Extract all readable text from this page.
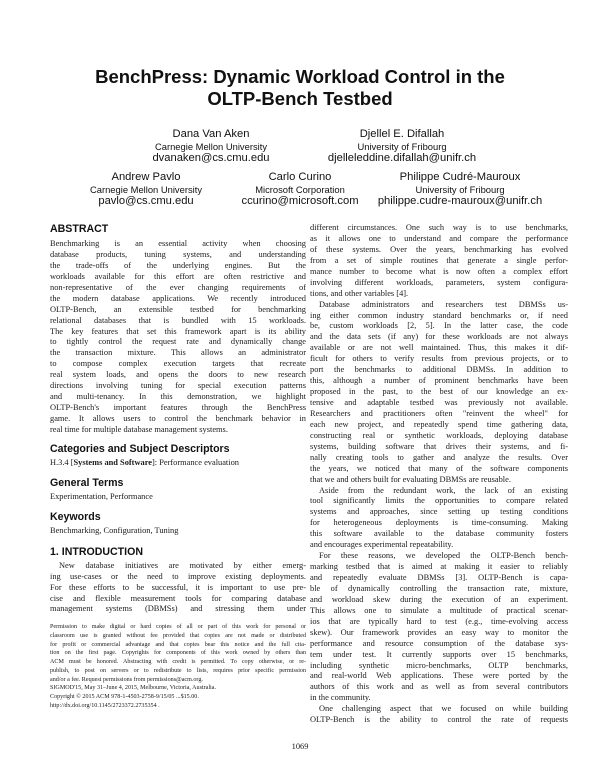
BenchPress: Dynamic Workload Control in the
OLTP-Bench Testbed
Dana Van Aken
Carnegie Mellon University
dvanaken@cs.cmu.edu
Djellel E. Difallah
University of Fribourg
djelleleddine.difallah@unifr.ch
Andrew Pavlo
Carnegie Mellon University
pavlo@cs.cmu.edu
Carlo Curino
Microsoft Corporation
ccurino@microsoft.com
Philippe Cudré-Mauroux
University of Fribourg
philippe.cudre-mauroux@unifr.ch
ABSTRACT
Benchmarking is an essential activity when choosing
database products, tuning systems, and understanding
the trade-offs of the underlying engines. But the
workloads available for this effort are often restrictive and
non-representative of the ever changing requirements of
the modern database applications. We recently introduced
OLTP-Bench, an extensible testbed for benchmarking
relational databases that is bundled with 15 workloads.
The key features that set this framework apart is its ability
to tightly control the request rate and dynamically change
the transaction mixture. This allows an administrator
to compose complex execution targets that recreate
real system loads, and opens the doors to new research
directions involving tuning for special execution patterns
and multi-tenancy. In this demonstration, we highlight
OLTP-Bench's important features through the BenchPress
game. It allows users to control the benchmark behavior in
real time for multiple database management systems.
Categories and Subject Descriptors
H.3.4 [Systems and Software]: Performance evaluation
General Terms
Experimentation, Performance
Keywords
Benchmarking, Configuration, Tuning
1. INTRODUCTION
New database initiatives are motivated by either emerg-
ing use-cases or the need to improve existing deployments.
For these efforts to be successful, it is important to use pre-
cise and flexible measurement tools for comparing database
management systems (DBMSs) and stressing them under
Permission to make digital or hard copies of all or part of this work for personal or
classroom use is granted without fee provided that copies are not made or distributed
for profit or commercial advantage and that copies bear this notice and the full cita-
tion on the first page. Copyrights for components of this work owned by others than
ACM must be honored. Abstracting with credit is permitted. To copy otherwise, or re-
publish, to post on servers or to redistribute to lists, requires prior specific permission
and/or a fee. Request permissions from permissions@acm.org.
SIGMOD'15, May 31–June 4, 2015, Melbourne, Victoria, Australia.
Copyright © 2015 ACM 978-1-4503-2758-9/15/05 ...$15.00.
http://dx.doi.org/10.1145/2723372.2735354 .
different circumstances. One such way is to use benchmarks,
as it allows one to understand and compare the performance
of these systems. Over the years, benchmarking has evolved
from a set of simple routines that generate a single perfor-
mance number to become what is now often a complex effort
involving different workloads, parameters, system configura-
tions, and other variables [4].
Database administrators and researchers test DBMSs us-
ing either common industry standard benchmarks or, if need
be, custom workloads [2, 5]. In the latter case, the code
and the data sets (if any) for these workloads are not always
available or are not well maintained. Thus, this makes it dif-
ficult for others to verify results from previous projects, or to
port the benchmarks to additional DBMSs. In addition to
this, although a number of prominent benchmarks have been
proposed in the past, to the best of our knowledge an ex-
tensive and adaptable testbed was previously not available.
Researchers and practitioners often "reinvent the wheel" for
each new project, and repeatedly spend time gathering data,
constructing real or synthetic workloads, deploying database
systems, building software that drives their systems, and fi-
nally creating tools to gather and analyze the results. Over
the years, we noticed that many of the software components
that we and others built for evaluating DBMSs are reusable.
Aside from the redundant work, the lack of an existing
tool significantly limits the opportunities to compare related
systems and approaches, since setting up testing conditions
for heterogeneous deployments is time-consuming. Making
this software available to the database community fosters
and encourages experimental repeatability.
For these reasons, we developed the OLTP-Bench bench-
marking testbed that is aimed at making it easier to reliably
and repeatedly evaluate DBMSs [3]. OLTP-Bench is capa-
ble of dynamically controlling the transaction rate, mixture,
and workload skew during the execution of an experiment.
This allows one to simulate a multitude of practical scenar-
ios that are typically hard to test (e.g., time-evolving access
skew). Our framework provides an easy way to monitor the
performance and resource consumption of the database sys-
tem under test. It currently supports over 15 benchmarks,
including synthetic micro-benchmarks, OLTP benchmarks,
and real-world Web applications. These were ported by the
authors of this work and as well as from several contributors
in the community.
One challenging aspect that we focused on while building
OLTP-Bench is the ability to control the rate of requests
1069
